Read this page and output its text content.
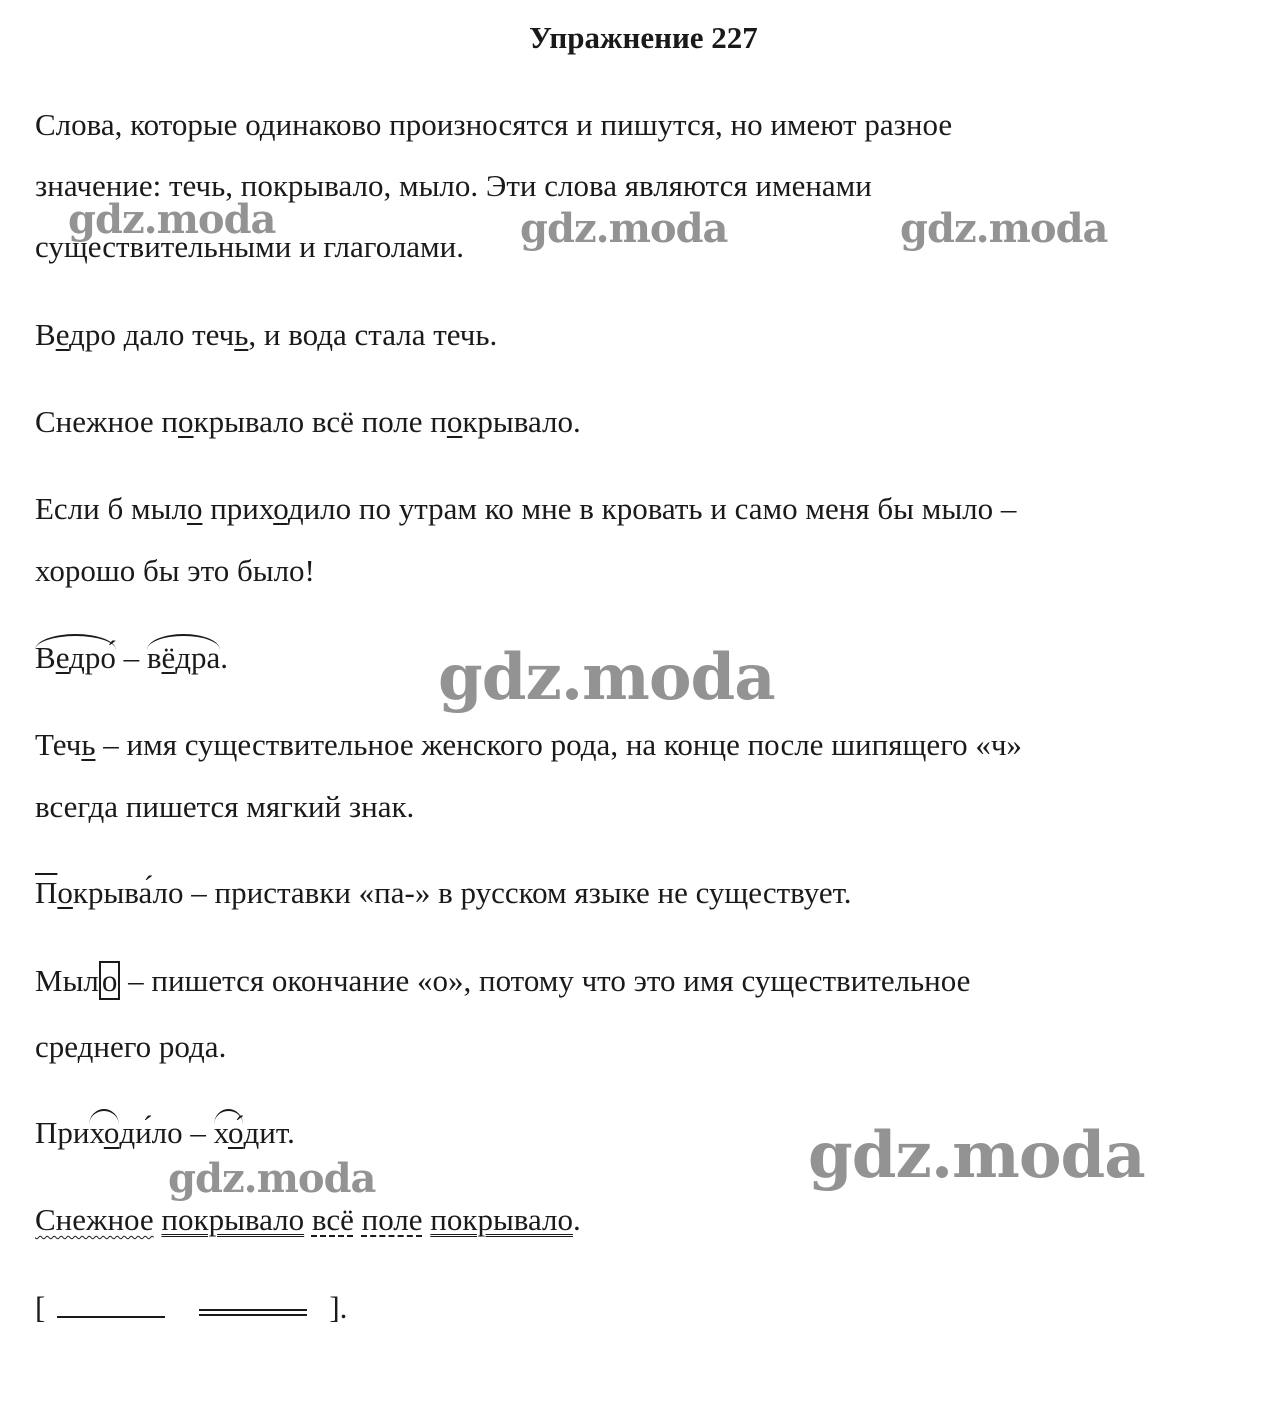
Упражнение 227
Слова, которые одинаково произносятся и пишутся, но имеют разное
значение: течь, покрывало, мыло. Эти слова являются именами
существительными и глаголами.
Ведро дало течь, и вода стала течь.
Снежное покрывало всё поле покрывало.
Если б мыло приходило по утрам ко мне в кровать и само меня бы мыло –
хорошо бы это было!
Ведро́ – вёдра.
Течь – имя существительное женского рода, на конце после шипящего «ч»
всегда пишется мягкий знак.
Покрыва́ло – приставки «па-» в русском языке не существует.
Мыло – пишется окончание «о», потому что это имя существительное
среднего рода.
Приходи́ло – хо́дит.
Снежное покрывало всё поле покрывало.
[	].
gdz.moda	gdz.moda	gdz.moda
gdz.moda
gdz.moda	gdz.moda
